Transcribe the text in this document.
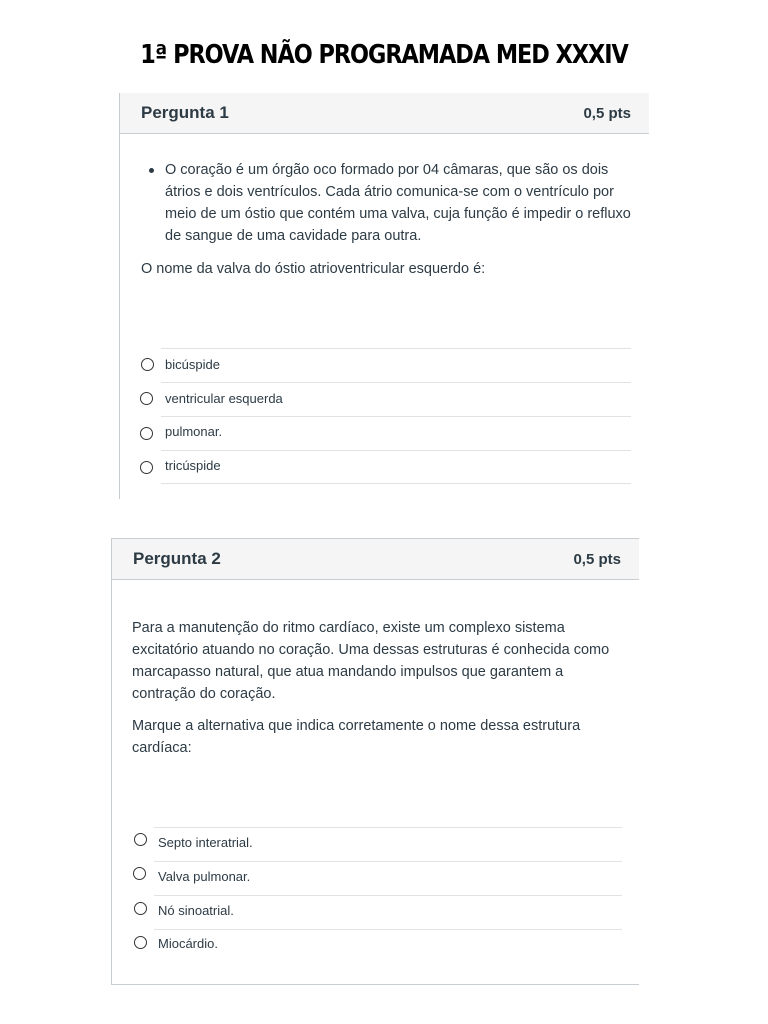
1ª PROVA NÃO PROGRAMADA MED XXXIV
Pergunta 1	0,5 pts
O coração é um órgão oco formado por 04 câmaras, que são os dois átrios e dois ventrículos. Cada átrio comunica-se com o ventrículo por meio de um óstio que contém uma valva, cuja função é impedir o refluxo de sangue de uma cavidade para outra.

O nome da valva do óstio atrioventricular esquerdo é:

bicúspide
ventricular esquerda
pulmonar.
tricúspide
Pergunta 2	0,5 pts

Para a manutenção do ritmo cardíaco, existe um complexo sistema excitatório atuando no coração. Uma dessas estruturas é conhecida como marcapasso natural, que atua mandando impulsos que garantem a contração do coração.

Marque a alternativa que indica corretamente o nome dessa estrutura cardíaca:

Septo interatrial.
Valva pulmonar.
Nó sinoatrial.
Miocárdio.
